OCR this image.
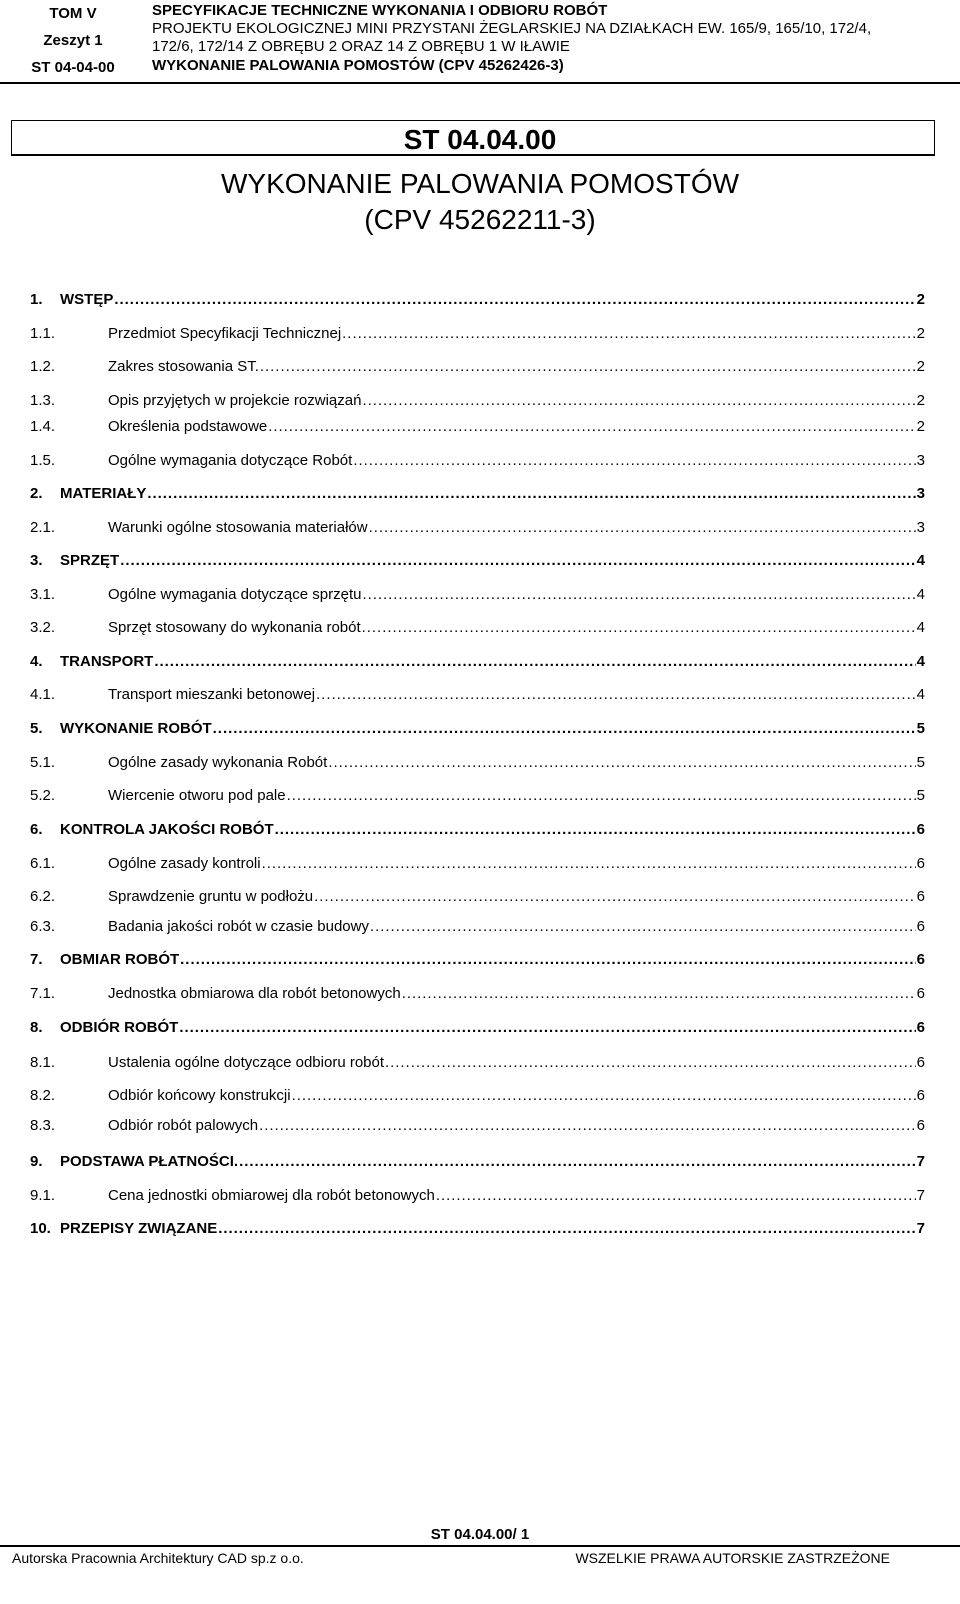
TOM V
Zeszyt 1
ST 04-04-00
SPECYFIKACJE TECHNICZNE WYKONANIA I ODBIORU ROBÓT
PROJEKTU EKOLOGICZNEJ MINI PRZYSTANI ŻEGLARSKIEJ NA DZIAŁKACH EW. 165/9, 165/10, 172/4,
172/6, 172/14 Z OBRĘBU 2 ORAZ 14 Z OBRĘBU 1 W IŁAWIE
WYKONANIE PALOWANIA POMOSTÓW (CPV 45262426-3)
ST 04.04.00
WYKONANIE PALOWANIA POMOSTÓW
(CPV 45262211-3)
1.	WSTĘP . . .	2
1.1.	Przedmiot Specyfikacji Technicznej . . .	2
1.2.	Zakres stosowania ST. . . .	2
1.3.	Opis przyjętych w projekcie rozwiązań . . .	2
1.4.	Określenia podstawowe . . .	2
1.5.	Ogólne wymagania dotyczące Robót . . .	3
2.	MATERIAŁY . . .	3
2.1.	Warunki ogólne stosowania materiałów . . .	3
3.	SPRZĘT . . .	4
3.1.	Ogólne wymagania dotyczące sprzętu . . .	4
3.2.	Sprzęt stosowany do wykonania robót . . .	4
4.	TRANSPORT . . .	4
4.1.	Transport mieszanki betonowej . . .	4
5.	WYKONANIE ROBÓT . . .	5
5.1.	Ogólne zasady wykonania Robót . . .	5
5.2.	Wiercenie otworu pod pale . . .	5
6.	KONTROLA JAKOŚCI ROBÓT . . .	6
6.1.	Ogólne zasady kontroli . . .	6
6.2.	Sprawdzenie gruntu w podłożu . . .	6
6.3.	Badania jakości robót w czasie budowy . . .	6
7.	OBMIAR ROBÓT . . .	6
7.1.	Jednostka obmiarowa dla robót betonowych . . .	6
8.	ODBIÓR ROBÓT . . .	6
8.1.	Ustalenia ogólne dotyczące odbioru robót . . .	6
8.2.	Odbiór końcowy konstrukcji . . .	6
8.3.	Odbiór robót palowych . . .	6
9.	PODSTAWA PŁATNOŚCI. . . .	7
9.1.	Cena jednostki obmiarowej dla robót betonowych . . .	7
10. PRZEPISY ZWIĄZANE . . .	7
ST 04.04.00/ 1
Autorska Pracownia Architektury CAD sp.z o.o.	WSZELKIE PRAWA AUTORSKIE ZASTRZEŻONE
